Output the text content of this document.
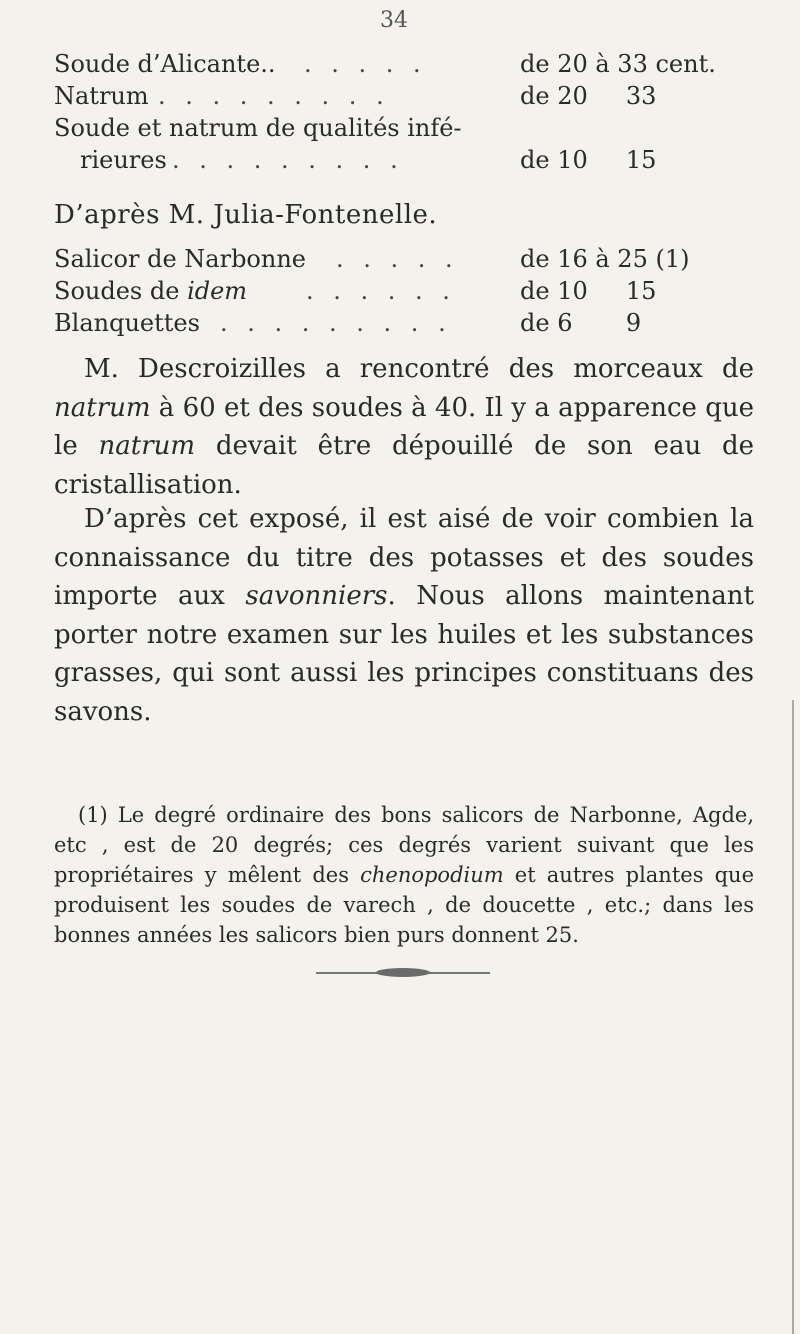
34
Soude d’Alicante.. . . . . .	de 20 à 33 cent.
Natrum . . . . . . . . .	de 20     33
Soude et natrum de qualités infé-
rieures . . . . . . . . .	de 10     15
D’après M. Julia-Fontenelle.
Salicor de Narbonne . . . . .	de 16 à 25 (1)
Soudes de idem . . . . . .	de 10     15
Blanquettes . . . . . . . . .	de 6       9
M. Descroizilles a rencontré des morceaux de natrum à 60 et des soudes à 40. Il y a apparence que le natrum devait être dépouillé de son eau de cristallisation.
D’après cet exposé, il est aisé de voir combien la connaissance du titre des potasses et des soudes importe aux savonniers. Nous allons maintenant porter notre examen sur les huiles et les substances grasses, qui sont aussi les principes constituans des savons.
(1) Le degré ordinaire des bons salicors de Narbonne, Agde, etc , est de 20 degrés; ces degrés varient suivant que les propriétaires y mêlent des chenopodium et autres plantes que produisent les soudes de varech , de doucette , etc.; dans les bonnes années les salicors bien purs donnent 25.
